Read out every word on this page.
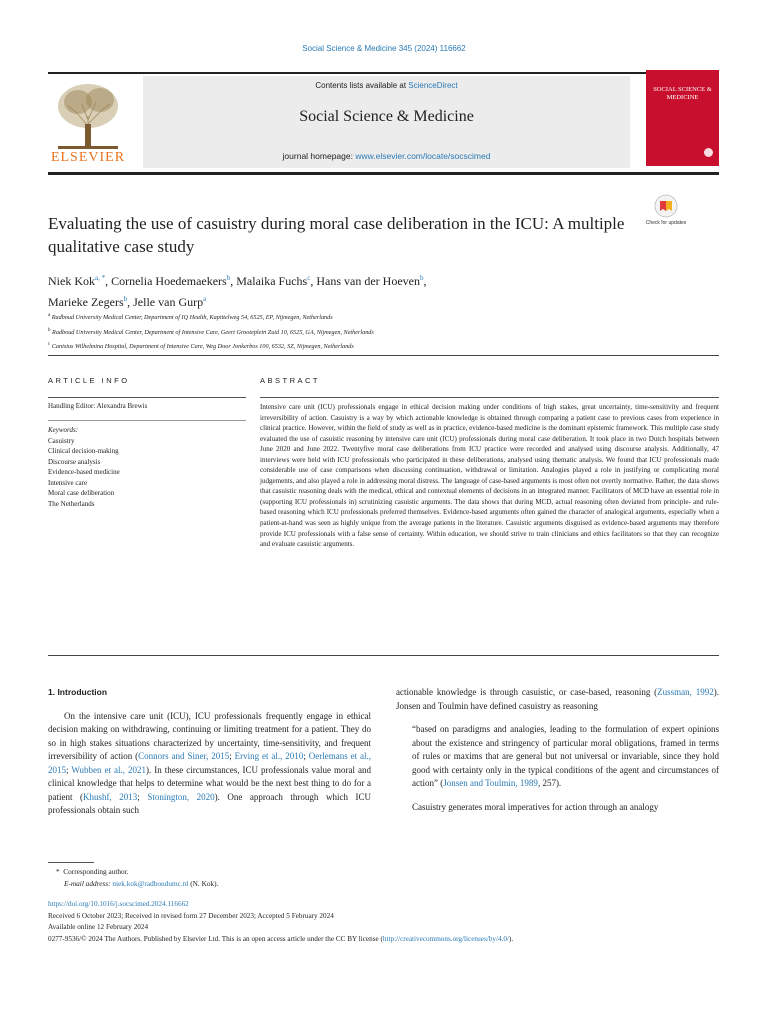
Social Science & Medicine 345 (2024) 116662
ELSEVIER
Contents lists available at ScienceDirect
Social Science & Medicine
journal homepage: www.elsevier.com/locate/socscimed
SOCIAL SCIENCE & MEDICINE
Check for updates
Evaluating the use of casuistry during moral case deliberation in the ICU: A multiple qualitative case study
Niek Kok$^{a, *}$, Cornelia Hoedemaekers$^b$, Malaika Fuchs$^c$, Hans van der Hoeven$^b$,
Marieke Zegers$^b$, Jelle van Gurp$^a$
$^a$ Radboud University Medical Center, Department of IQ Health, Kapittelweg 54, 6525, EP, Nijmegen, Netherlands
$^b$ Radboud University Medical Center, Department of Intensive Care, Geert Grooteplein Zuid 10, 6525, GA, Nijmegen, Netherlands
$^c$ Canisius Wilhelmina Hospital, Department of Intensive Care, Weg Door Jonkerbos 100, 6532, SZ, Nijmegen, Netherlands
ARTICLE INFO	ABSTRACT
Handling Editor: Alexandra Brewis
Keywords:
Casuistry
Clinical decision-making
Discourse analysis
Evidence-based medicine
Intensive care
Moral case deliberation
The Netherlands
Intensive care unit (ICU) professionals engage in ethical decision making under conditions of high stakes, great uncertainty, time-sensitivity and frequent irreversibility of action. Casuistry is a way by which actionable knowledge is obtained through comparing a patient case to previous cases from experience in clinical practice. However, within the field of study as well as in practice, evidence-based medicine is the dominant epistemic framework. This multiple case study evaluated the use of casuistic reasoning by intensive care unit (ICU) professionals during moral case deliberation. It took place in two Dutch hospitals between June 2020 and June 2022. Twentyfive moral case deliberations from ICU practice were recorded and analysed using discourse analysis. Additionally, 47 interviews were held with ICU professionals who participated in these deliberations, analysed using thematic analysis. We found that ICU professionals made considerable use of case comparisons when discussing continuation, withdrawal or limitation. Analogies played a role in justifying or complicating moral judgements, and also played a role in addressing moral distress. The language of case-based arguments is most often not overtly normative. Rather, the data shows that casuistic reasoning deals with the medical, ethical and contextual elements of decisions in an integrated manner. Facilitators of MCD have an essential role in (supporting ICU professionals in) scrutinizing casuistic arguments. The data shows that during MCD, actual reasoning often deviated from principle- and rule-based reasoning which ICU professionals preferred themselves. Evidence-based arguments often gained the character of analogical arguments, especially when a patient-at-hand was seen as highly unique from the average patients in the literature. Casuistic arguments disguised as evidence-based arguments may therefore provide ICU professionals with a false sense of certainty. Within education, we should strive to train clinicians and ethics facilitators so that they can recognize and evaluate casuistic arguments.
1. Introduction

On the intensive care unit (ICU), ICU professionals frequently engage in ethical decision making on withdrawing, continuing or limiting treatment for a patient. They do so in high stakes situations characterized by uncertainty, time-sensitivity, and frequent irreversibility of action (Connors and Siner, 2015; Erving et al., 2010; Oerlemans et al., 2015; Wubben et al., 2021). In these circumstances, ICU professionals value moral and clinical knowledge that helps to determine what would be the next best thing to do for a patient (Khushf, 2013; Stonington, 2020). One approach through which ICU professionals obtain such

actionable knowledge is through casuistic, or case-based, reasoning (Zussman, 1992). Jonsen and Toulmin have defined casuistry as reasoning

“based on paradigms and analogies, leading to the formulation of expert opinions about the existence and stringency of particular moral obligations, framed in terms of rules or maxims that are general but not universal or invariable, since they hold good with certainty only in the typical conditions of the agent and circumstances of action” (Jonsen and Toulmin, 1989, 257).

Casuistry generates moral imperatives for action through an analogy

*  Corresponding author.
E-mail address: niek.kok@radboudumc.nl (N. Kok).
https://doi.org/10.1016/j.socscimed.2024.116662
Received 6 October 2023; Received in revised form 27 December 2023; Accepted 5 February 2024
Available online 12 February 2024
0277-9536/© 2024 The Authors. Published by Elsevier Ltd. This is an open access article under the CC BY license (http://creativecommons.org/licenses/by/4.0/).
